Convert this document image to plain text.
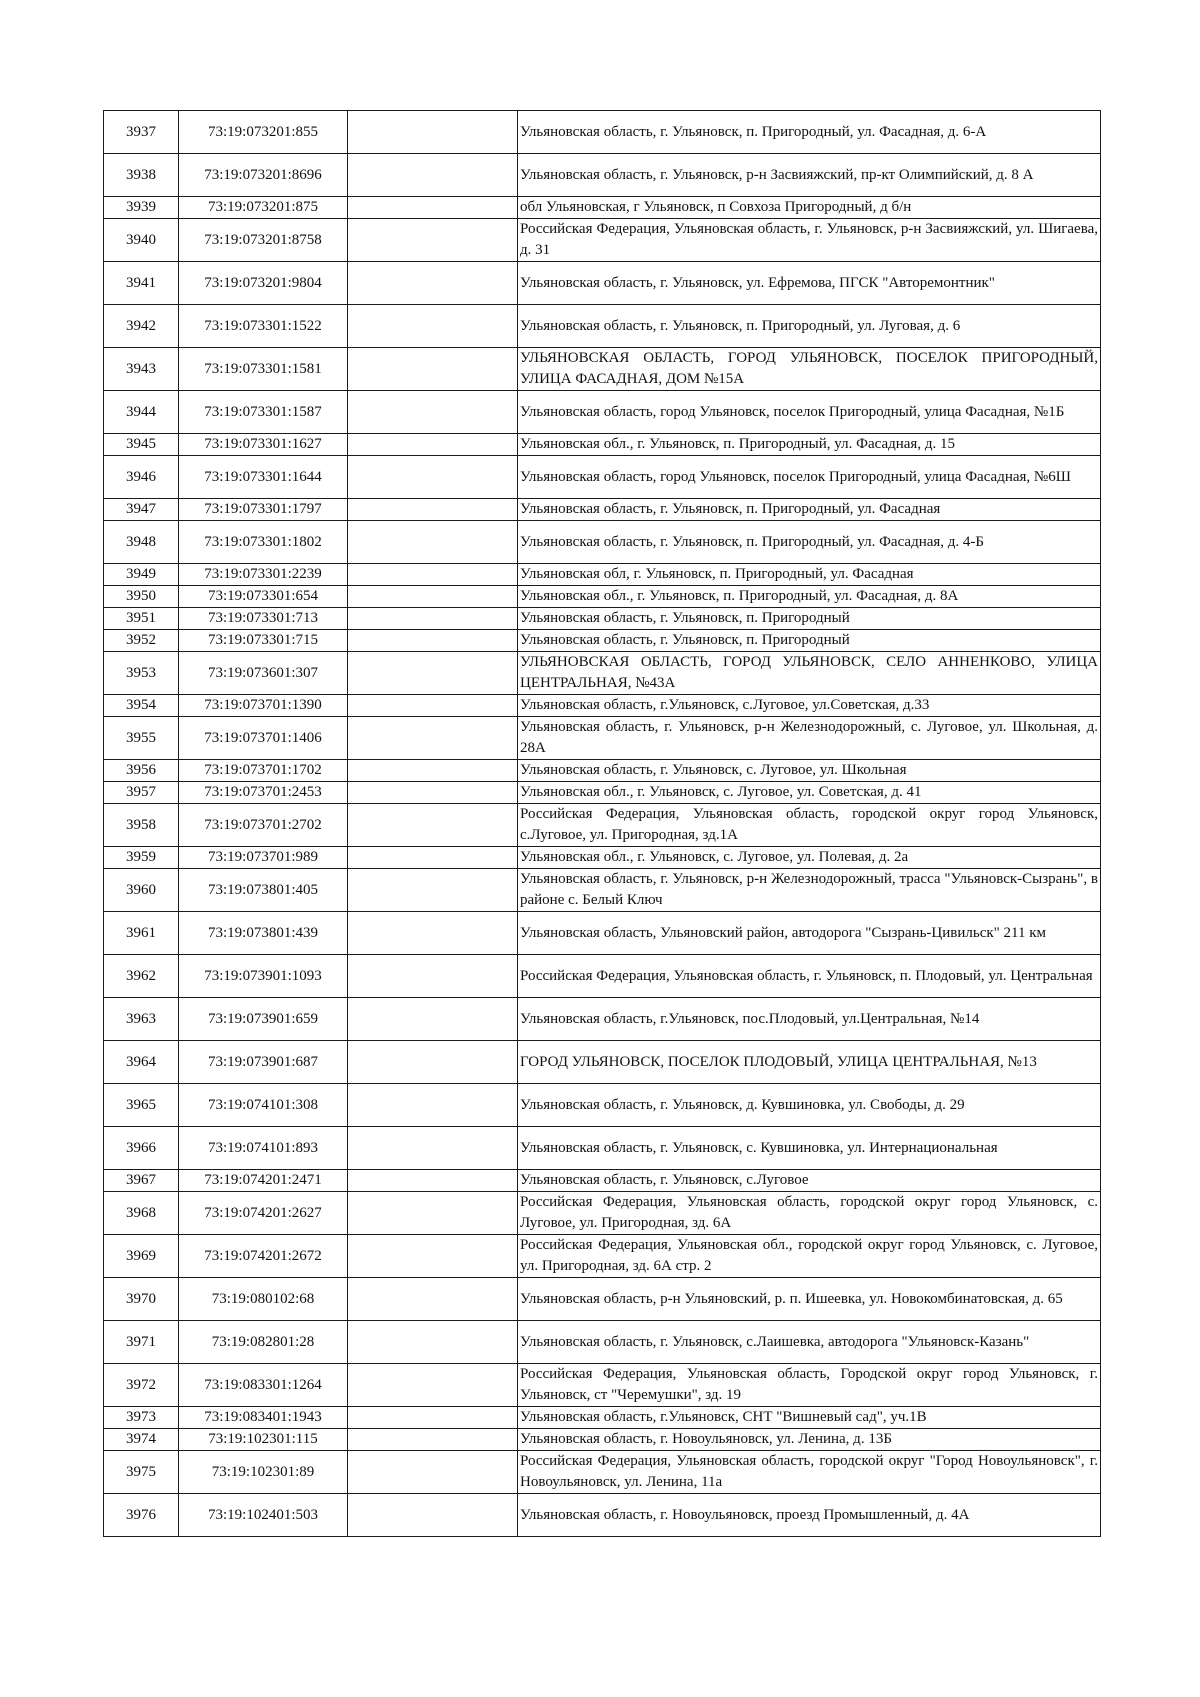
3937	73:19:073201:855		Ульяновская область, г. Ульяновск, п. Пригородный, ул. Фасадная, д. 6-А
3938	73:19:073201:8696		Ульяновская область, г. Ульяновск, р-н Засвияжский, пр-кт Олимпийский, д. 8 А
3939	73:19:073201:875		обл Ульяновская, г Ульяновск, п Совхоза Пригородный, д б/н
3940	73:19:073201:8758		Российская Федерация, Ульяновская область, г. Ульяновск, р-н Засвияжский, ул. Шигаева, д. 31
3941	73:19:073201:9804		Ульяновская область, г. Ульяновск, ул. Ефремова, ПГСК "Авторемонтник"
3942	73:19:073301:1522		Ульяновская область, г. Ульяновск, п. Пригородный, ул. Луговая, д. 6
3943	73:19:073301:1581		УЛЬЯНОВСКАЯ ОБЛАСТЬ, ГОРОД УЛЬЯНОВСК, ПОСЕЛОК ПРИГОРОДНЫЙ, УЛИЦА ФАСАДНАЯ, ДОМ №15А
3944	73:19:073301:1587		Ульяновская область, город Ульяновск, поселок Пригородный, улица Фасадная, №1Б
3945	73:19:073301:1627		Ульяновская обл., г. Ульяновск, п. Пригородный, ул. Фасадная, д. 15
3946	73:19:073301:1644		Ульяновская область, город Ульяновск, поселок Пригородный, улица Фасадная, №6Ш
3947	73:19:073301:1797		Ульяновская область, г. Ульяновск, п. Пригородный, ул. Фасадная
3948	73:19:073301:1802		Ульяновская область, г. Ульяновск, п. Пригородный, ул. Фасадная, д. 4-Б
3949	73:19:073301:2239		Ульяновская обл, г. Ульяновск, п. Пригородный, ул. Фасадная
3950	73:19:073301:654		Ульяновская обл., г. Ульяновск, п. Пригородный, ул. Фасадная, д. 8А
3951	73:19:073301:713		Ульяновская область, г. Ульяновск, п. Пригородный
3952	73:19:073301:715		Ульяновская область, г. Ульяновск, п. Пригородный
3953	73:19:073601:307		УЛЬЯНОВСКАЯ ОБЛАСТЬ, ГОРОД УЛЬЯНОВСК, СЕЛО АННЕНКОВО, УЛИЦА ЦЕНТРАЛЬНАЯ, №43А
3954	73:19:073701:1390		Ульяновская область, г.Ульяновск, с.Луговое, ул.Советская, д.33
3955	73:19:073701:1406		Ульяновская область, г. Ульяновск, р-н Железнодорожный, с. Луговое, ул. Школьная, д. 28А
3956	73:19:073701:1702		Ульяновская область, г. Ульяновск, с. Луговое, ул. Школьная
3957	73:19:073701:2453		Ульяновская обл., г. Ульяновск, с. Луговое, ул. Советская, д. 41
3958	73:19:073701:2702		Российская Федерация, Ульяновская область, городской округ город Ульяновск, с.Луговое, ул. Пригородная, зд.1А
3959	73:19:073701:989		Ульяновская обл., г. Ульяновск, с. Луговое, ул. Полевая, д. 2а
3960	73:19:073801:405		Ульяновская область, г. Ульяновск, р-н Железнодорожный, трасса "Ульяновск-Сызрань", в районе с. Белый Ключ
3961	73:19:073801:439		Ульяновская область, Ульяновский район, автодорога "Сызрань-Цивильск" 211 км
3962	73:19:073901:1093		Российская Федерация, Ульяновская область, г. Ульяновск, п. Плодовый, ул. Центральная
3963	73:19:073901:659		Ульяновская область, г.Ульяновск, пос.Плодовый, ул.Центральная, №14
3964	73:19:073901:687		ГОРОД УЛЬЯНОВСК, ПОСЕЛОК ПЛОДОВЫЙ, УЛИЦА ЦЕНТРАЛЬНАЯ, №13
3965	73:19:074101:308		Ульяновская область, г. Ульяновск, д. Кувшиновка, ул. Свободы, д. 29
3966	73:19:074101:893		Ульяновская область, г. Ульяновск, с. Кувшиновка, ул. Интернациональная
3967	73:19:074201:2471		Ульяновская область, г. Ульяновск, с.Луговое
3968	73:19:074201:2627		Российская Федерация, Ульяновская область, городской округ город Ульяновск, с. Луговое, ул. Пригородная, зд. 6А
3969	73:19:074201:2672		Российская Федерация, Ульяновская обл., городской округ город Ульяновск, с. Луговое, ул. Пригородная, зд. 6А стр. 2
3970	73:19:080102:68		Ульяновская область, р-н Ульяновский, р. п. Ишеевка, ул. Новокомбинатовская, д. 65
3971	73:19:082801:28		Ульяновская область, г. Ульяновск, с.Лаишевка, автодорога "Ульяновск-Казань"
3972	73:19:083301:1264		Российская Федерация, Ульяновская область, Городской округ город Ульяновск, г. Ульяновск, ст "Черемушки", зд. 19
3973	73:19:083401:1943		Ульяновская область, г.Ульяновск, СНТ "Вишневый сад", уч.1В
3974	73:19:102301:115		Ульяновская область, г. Новоульяновск, ул. Ленина, д. 13Б
3975	73:19:102301:89		Российская Федерация, Ульяновская область, городской округ "Город Новоульяновск", г. Новоульяновск, ул. Ленина, 11а
3976	73:19:102401:503		Ульяновская область, г. Новоульяновск, проезд Промышленный, д. 4А
